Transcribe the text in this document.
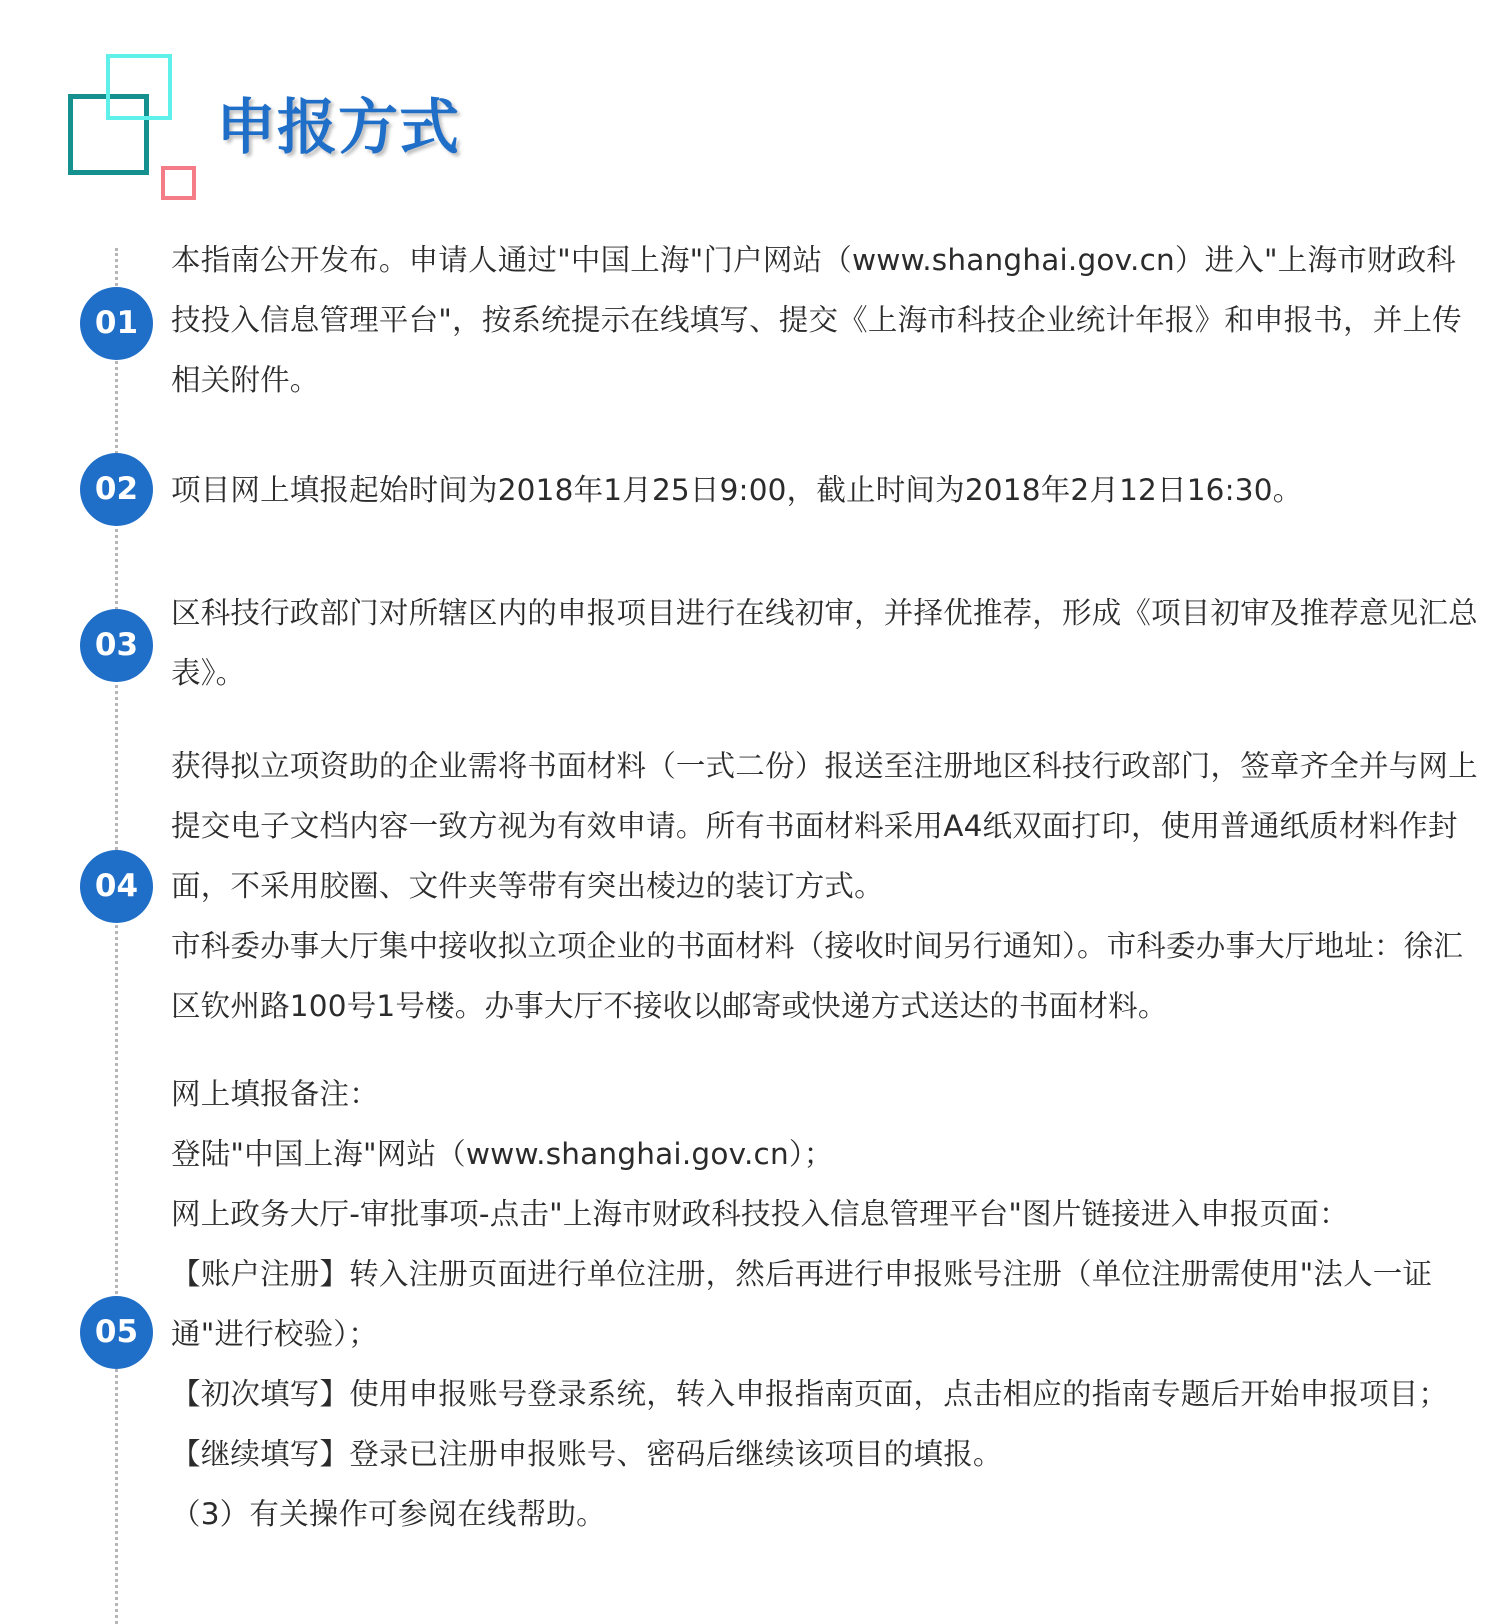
申报方式
01

本指南公开发布。申请人通过"中国上海"门户网站（www.shanghai.gov.cn）进入"上海市财政科技投入信息管理平台"，按系统提示在线填写、提交《上海市科技企业统计年报》和申报书，并上传相关附件。

02	项目网上填报起始时间为2018年1月25日9:00，截止时间为2018年2月12日16:30。

03

区科技行政部门对所辖区内的申报项目进行在线初审，并择优推荐，形成《项目初审及推荐意见汇总表》。

04

获得拟立项资助的企业需将书面材料（一式二份）报送至注册地区科技行政部门，签章齐全并与网上提交电子文档内容一致方视为有效申请。所有书面材料采用A4纸双面打印，使用普通纸质材料作封面，不采用胶圈、文件夹等带有突出棱边的装订方式。

市科委办事大厅集中接收拟立项企业的书面材料（接收时间另行通知）。市科委办事大厅地址：徐汇区钦州路100号1号楼。办事大厅不接收以邮寄或快递方式送达的书面材料。

05

网上填报备注：

登陆"中国上海"网站（www.shanghai.gov.cn）；

网上政务大厅-审批事项-点击"上海市财政科技投入信息管理平台"图片链接进入申报页面：

【账户注册】转入注册页面进行单位注册，然后再进行申报账号注册（单位注册需使用"法人一证通"进行校验）；

【初次填写】使用申报账号登录系统，转入申报指南页面，点击相应的指南专题后开始申报项目；

【继续填写】登录已注册申报账号、密码后继续该项目的填报。

（3）有关操作可参阅在线帮助。
